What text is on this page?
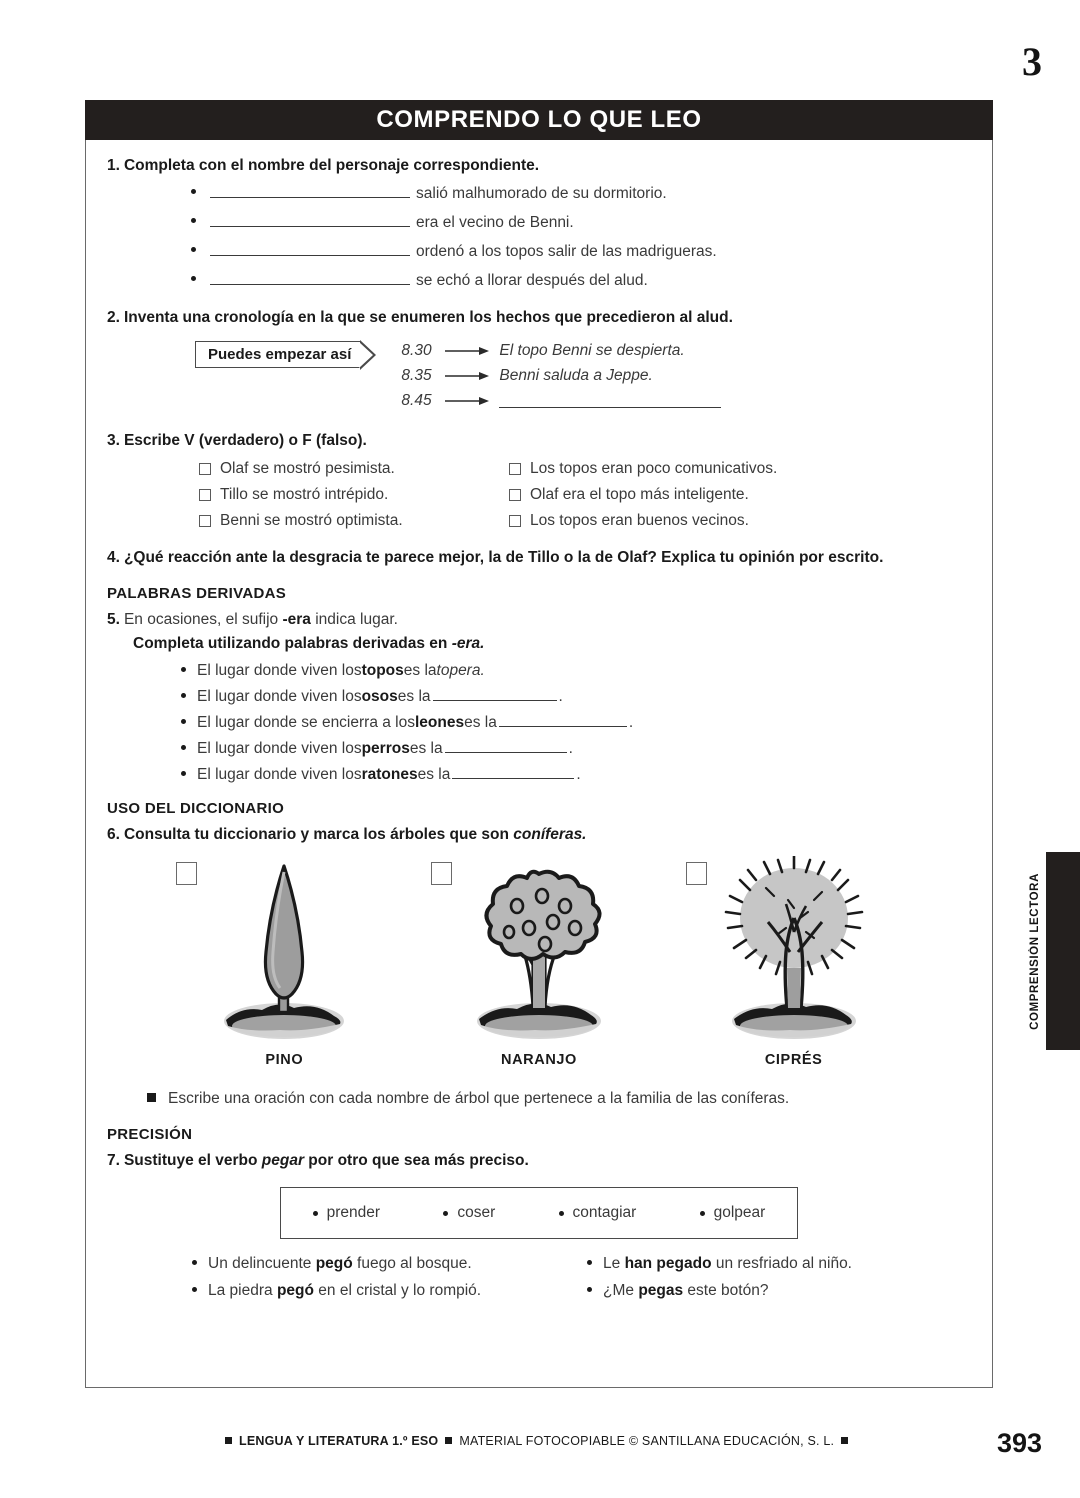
3
COMPRENDO LO QUE LEO

1. Completa con el nombre del personaje correspondiente.

salió malhumorado de su dormitorio.
era el vecino de Benni.
ordenó a los topos salir de las madrigueras.
se echó a llorar después del alud.

2. Inventa una cronología en la que se enumeren los hechos que precedieron al alud.

Puedes empezar así	8.30	El topo Benni se despierta.
8.35	Benni saluda a Jeppe.
8.45

3. Escribe V (verdadero) o F (falso).

Olaf se mostró pesimista.	Los topos eran poco comunicativos.
Tillo se mostró intrépido.	Olaf era el topo más inteligente.
Benni se mostró optimista.	Los topos eran buenos vecinos.

4. ¿Qué reacción ante la desgracia te parece mejor, la de Tillo o la de Olaf? Explica tu opinión por escrito.

PALABRAS DERIVADAS

5. En ocasiones, el sufijo -era indica lugar.

Completa utilizando palabras derivadas en -era.

El lugar donde viven los topos es la topera.
El lugar donde viven los osos es la	.
El lugar donde se encierra a los leones es la	.
El lugar donde viven los perros es la	.
El lugar donde viven los ratones es la	.
USO DEL DICCIONARIO

6. Consulta tu diccionario y marca los árboles que son coníferas.

PINO	NARANJO	CIPRÉS
Escribe una oración con cada nombre de árbol que pertenece a la familia de las coníferas.
PRECISIÓN

7. Sustituye el verbo pegar por otro que sea más preciso.

prender	coser	contagiar	golpear
Un delincuente pegó fuego al bosque.	Le han pegado un resfriado al niño.
La piedra pegó en el cristal y lo rompió.	¿Me pegas este botón?
COMPRENSIÓN LECTORA
LENGUA Y LITERATURA 1.º ESO MATERIAL FOTOCOPIABLE © SANTILLANA EDUCACIÓN, S. L.	393
